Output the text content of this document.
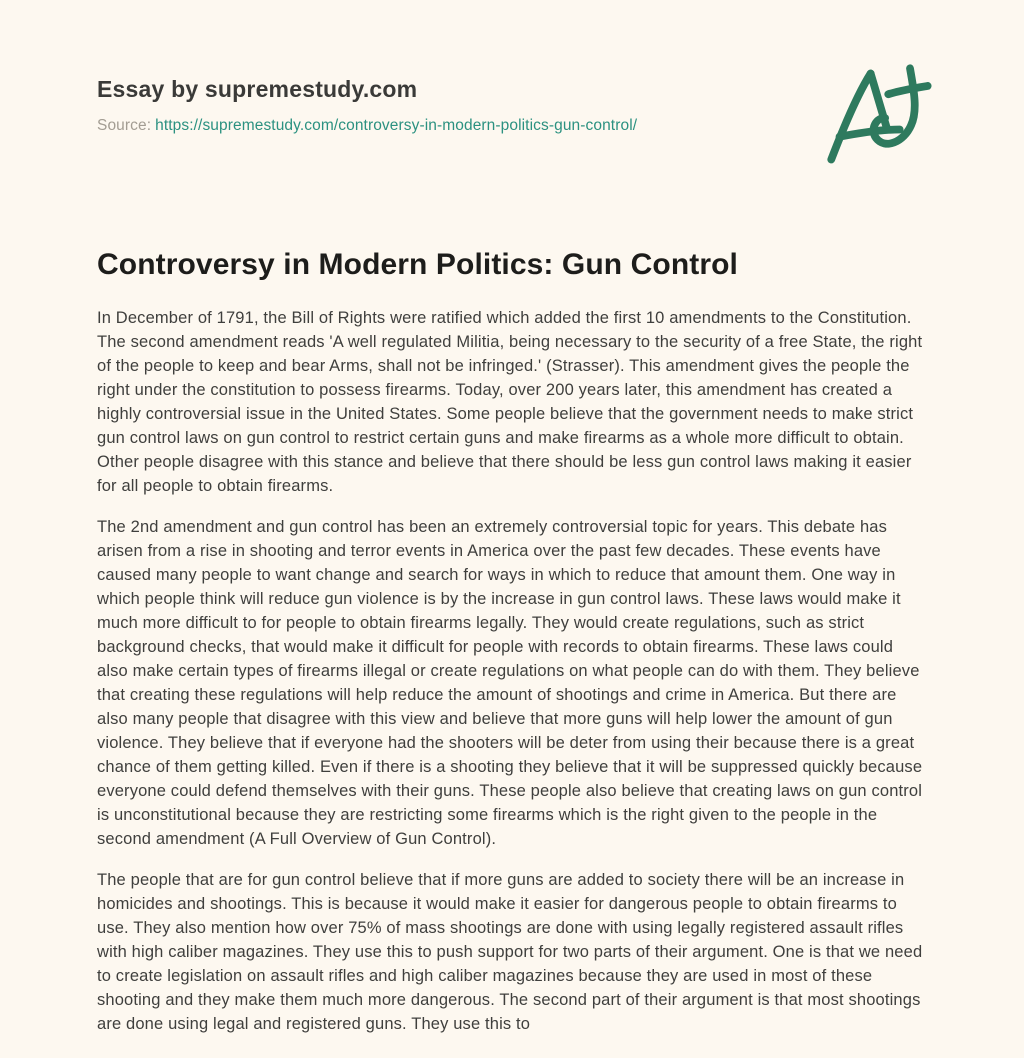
Essay by supremestudy.com
Source: https://supremestudy.com/controversy-in-modern-politics-gun-control/
Controversy in Modern Politics: Gun Control

In December of 1791, the Bill of Rights were ratified which added the first 10 amendments to the Constitution. The second amendment reads 'A well regulated Militia, being necessary to the security of a free State, the right of the people to keep and bear Arms, shall not be infringed.' (Strasser). This amendment gives the people the right under the constitution to possess firearms. Today, over 200 years later, this amendment has created a highly controversial issue in the United States. Some people believe that the government needs to make strict gun control laws on gun control to restrict certain guns and make firearms as a whole more difficult to obtain. Other people disagree with this stance and believe that there should be less gun control laws making it easier for all people to obtain firearms.

The 2nd amendment and gun control has been an extremely controversial topic for years. This debate has arisen from a rise in shooting and terror events in America over the past few decades. These events have caused many people to want change and search for ways in which to reduce that amount them. One way in which people think will reduce gun violence is by the increase in gun control laws. These laws would make it much more difficult to for people to obtain firearms legally. They would create regulations, such as strict background checks, that would make it difficult for people with records to obtain firearms. These laws could also make certain types of firearms illegal or create regulations on what people can do with them. They believe that creating these regulations will help reduce the amount of shootings and crime in America. But there are also many people that disagree with this view and believe that more guns will help lower the amount of gun violence. They believe that if everyone had the shooters will be deter from using their because there is a great chance of them getting killed. Even if there is a shooting they believe that it will be suppressed quickly because everyone could defend themselves with their guns. These people also believe that creating laws on gun control is unconstitutional because they are restricting some firearms which is the right given to the people in the second amendment (A Full Overview of Gun Control).

The people that are for gun control believe that if more guns are added to society there will be an increase in homicides and shootings. This is because it would make it easier for dangerous people to obtain firearms to use. They also mention how over 75% of mass shootings are done with using legally registered assault rifles with high caliber magazines. They use this to push support for two parts of their argument. One is that we need to create legislation on assault rifles and high caliber magazines because they are used in most of these shooting and they make them much more dangerous. The second part of their argument is that most shootings are done using legal and registered guns. They use this to
